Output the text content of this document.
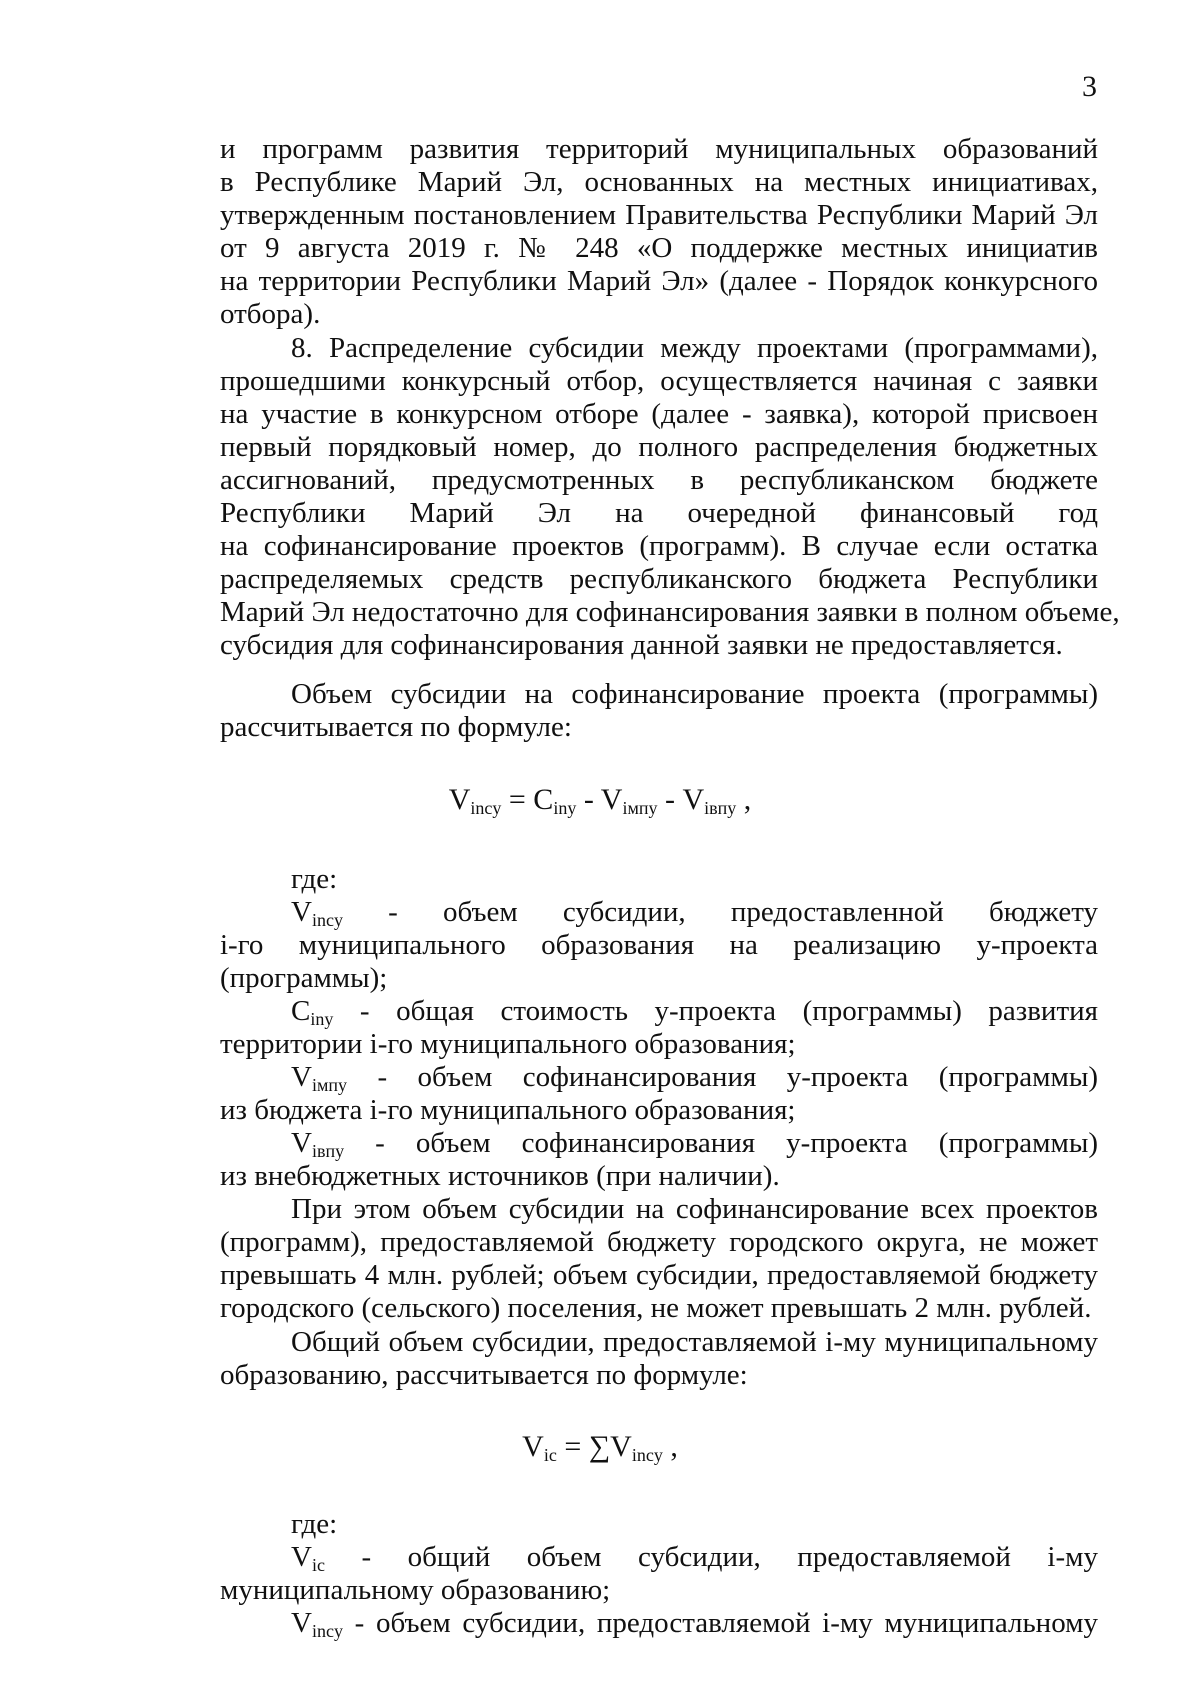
3
и программ развития территорий муниципальных образований
в Республике Марий Эл, основанных на местных инициативах,
утвержденным постановлением Правительства Республики Марий Эл
от 9 августа 2019 г. № 248 «О поддержке местных инициатив
на территории Республики Марий Эл» (далее - Порядок конкурсного
отбора).
8. Распределение субсидии между проектами (программами),
прошедшими конкурсный отбор, осуществляется начиная с заявки
на участие в конкурсном отборе (далее - заявка), которой присвоен
первый порядковый номер, до полного распределения бюджетных
ассигнований, предусмотренных в республиканском бюджете
Республики Марий Эл на очередной финансовый год
на софинансирование проектов (программ). В случае если остатка
распределяемых средств республиканского бюджета Республики
Марий Эл недостаточно для софинансирования заявки в полном объеме,
субсидия для софинансирования данной заявки не предоставляется.
Объем субсидии на софинансирование проекта (программы)
рассчитывается по формуле:
$V_{incy} = C_{iny} - V_{iмпу} - V_{iвпу}$ ,
где:
$V_{incy}$ - объем субсидии, предоставленной бюджету
i-го муниципального образования на реализацию y-проекта
(программы);
$C_{iny}$ - общая стоимость y-проекта (программы) развития
территории i-го муниципального образования;
$V_{iмпу}$ - объем софинансирования y-проекта (программы)
из бюджета i-го муниципального образования;
$V_{iвпу}$ - объем софинансирования y-проекта (программы)
из внебюджетных источников (при наличии).
При этом объем субсидии на софинансирование всех проектов
(программ), предоставляемой бюджету городского округа, не может
превышать 4 млн. рублей; объем субсидии, предоставляемой бюджету
городского (сельского) поселения, не может превышать 2 млн. рублей.
Общий объем субсидии, предоставляемой i-му муниципальному
образованию, рассчитывается по формуле:
$V_{ic} = \sum V_{incy}$ ,
где:
$V_{ic}$ - общий объем субсидии, предоставляемой i-му
муниципальному образованию;
$V_{incy}$ - объем субсидии, предоставляемой i-му муниципальному
